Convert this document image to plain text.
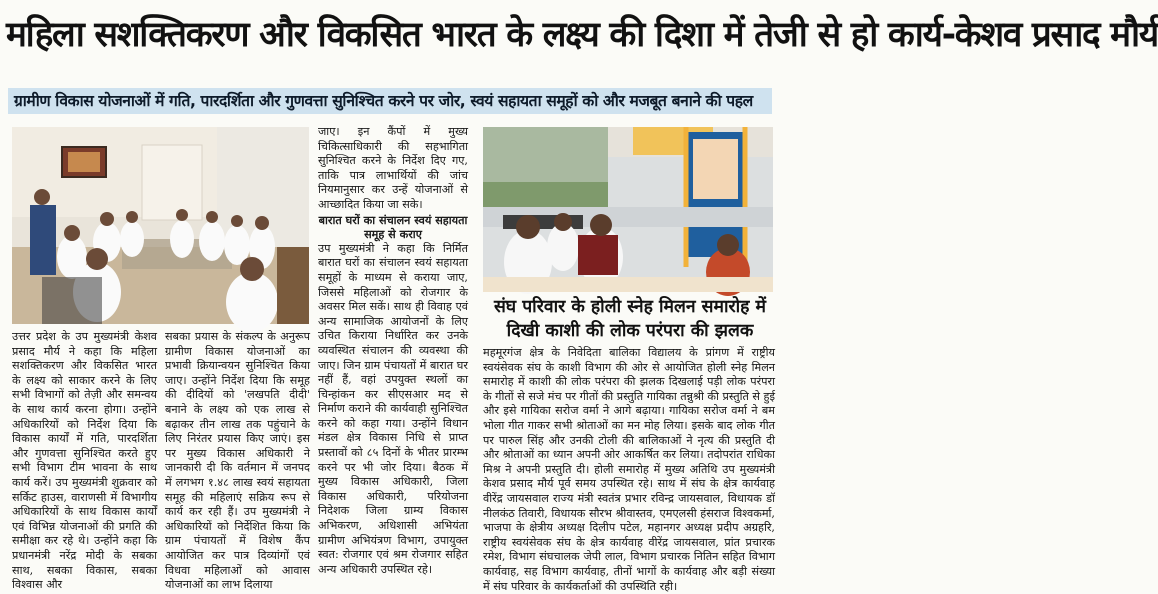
महिला सशक्तिकरण और विकसित भारत के लक्ष्य की दिशा में तेजी से हो कार्य-केशव प्रसाद मौर्य
ग्रामीण विकास योजनाओं में गति, पारदर्शिता और गुणवत्ता सुनिश्चित करने पर जोर, स्वयं सहायता समूहों को और मजबूत बनाने की पहल

उत्तर प्रदेश के उप मुख्यमंत्री केशव प्रसाद मौर्य ने कहा कि महिला सशक्तिकरण और विकसित भारत के लक्ष्य को साकार करने के लिए सभी विभागों को तेज़ी और समन्वय के साथ कार्य करना होगा। उन्होंने अधिकारियों को निर्देश दिया कि विकास कार्यों में गति, पारदर्शिता और गुणवत्ता सुनिश्चित करते हुए सभी विभाग टीम भावना के साथ कार्य करें। उप मुख्यमंत्री शुक्रवार को सर्किट हाउस, वाराणसी में विभागीय अधिकारियों के साथ विकास कार्यों एवं विभिन्न योजनाओं की प्रगति की समीक्षा कर रहे थे। उन्होंने कहा कि प्रधानमंत्री नरेंद्र मोदी के सबका साथ, सबका विकास, सबका विश्वास और

सबका प्रयास के संकल्प के अनुरूप ग्रामीण विकास योजनाओं का प्रभावी क्रियान्वयन सुनिश्चित किया जाए। उन्होंने निर्देश दिया कि समूह की दीदियों को 'लखपति दीदी' बनाने के लक्ष्य को एक लाख से बढ़ाकर तीन लाख तक पहुंचाने के लिए निरंतर प्रयास किए जाएं। इस पर मुख्य विकास अधिकारी ने जानकारी दी कि वर्तमान में जनपद में लगभग १.४८ लाख स्वयं सहायता समूह की महिलाएं सक्रिय रूप से कार्य कर रही हैं। उप मुख्यमंत्री ने अधिकारियों को निर्देशित किया कि ग्राम पंचायतों में विशेष कैंप आयोजित कर पात्र दिव्यांगों एवं विधवा महिलाओं को आवास योजनाओं का लाभ दिलाया

जाए। इन कैंपों में मुख्य चिकित्साधिकारी की सहभागिता सुनिश्चित करने के निर्देश दिए गए, ताकि पात्र लाभार्थियों की जांच नियमानुसार कर उन्हें योजनाओं से आच्छादित किया जा सके।

बारात घरों का संचालन स्वयं सहायता समूह से कराए

उप मुख्यमंत्री ने कहा कि निर्मित बारात घरों का संचालन स्वयं सहायता समूहों के माध्यम से कराया जाए, जिससे महिलाओं को रोजगार के अवसर मिल सकें। साथ ही विवाह एवं अन्य सामाजिक आयोजनों के लिए उचित किराया निर्धारित कर उनके व्यवस्थित संचालन की व्यवस्था की जाए। जिन ग्राम पंचायतों में बारात घर नहीं हैं, वहां उपयुक्त स्थलों का चिन्हांकन कर सीएसआर मद से निर्माण कराने की कार्यवाही सुनिश्चित करने को कहा गया। उन्होंने विधान मंडल क्षेत्र विकास निधि से प्राप्त प्रस्तावों को ८५ दिनों के भीतर प्रारम्भ करने पर भी जोर दिया। बैठक में मुख्य विकास अधिकारी, जिला विकास अधिकारी, परियोजना निदेशक जिला ग्राम्य विकास अभिकरण, अधिशासी अभियंता ग्रामीण अभियंत्रण विभाग, उपायुक्त स्वत: रोजगार एवं श्रम रोजगार सहित अन्य अधिकारी उपस्थित रहे।

संघ परिवार के होली स्नेह मिलन समारोह में दिखी काशी की लोक परंपरा की झलक

महमूरगंज क्षेत्र के निवेदिता बालिका विद्यालय के प्रांगण में राष्ट्रीय स्वयंसेवक संघ के काशी विभाग की ओर से आयोजित होली स्नेह मिलन समारोह में काशी की लोक परंपरा की झलक दिखलाई पड़ी लोक परंपरा के गीतों से सजे मंच पर गीतों की प्रस्तुति गायिका तन्नुश्री की प्रस्तुति से हुई और इसे गायिका सरोज वर्मा ने आगे बढ़ाया। गायिका सरोज वर्मा ने बम भोला गीत गाकर सभी श्रोताओं का मन मोह लिया। इसके बाद लोक गीत पर पारुल सिंह और उनकी टोली की बालिकाओं ने नृत्य की प्रस्तुति दी और श्रोताओं का ध्यान अपनी ओर आकर्षित कर लिया। तदोपरांत राधिका मिश्र ने अपनी प्रस्तुति दी। होली समारोह में मुख्य अतिथि उप मुख्यमंत्री केशव प्रसाद मौर्य पूर्व समय उपस्थित रहे। साथ में संघ के क्षेत्र कार्यवाह वीरेंद्र जायसवाल राज्य मंत्री स्वतंत्र प्रभार रविन्द्र जायसवाल, विधायक डॉ नीलकंठ तिवारी, विधायक सौरभ श्रीवास्तव, एमएलसी हंसराज विश्वकर्मा, भाजपा के क्षेत्रीय अध्यक्ष दिलीप पटेल, महानगर अध्यक्ष प्रदीप अग्रहरि, राष्ट्रीय स्वयंसेवक संघ के क्षेत्र कार्यवाह वीरेंद्र जायसवाल, प्रांत प्रचारक रमेश, विभाग संघचालक जेपी लाल, विभाग प्रचारक नितिन सहित विभाग कार्यवाह, सह विभाग कार्यवाह, तीनों भागों के कार्यवाह और बड़ी संख्या में संघ परिवार के कार्यकर्ताओं की उपस्थिति रही।
